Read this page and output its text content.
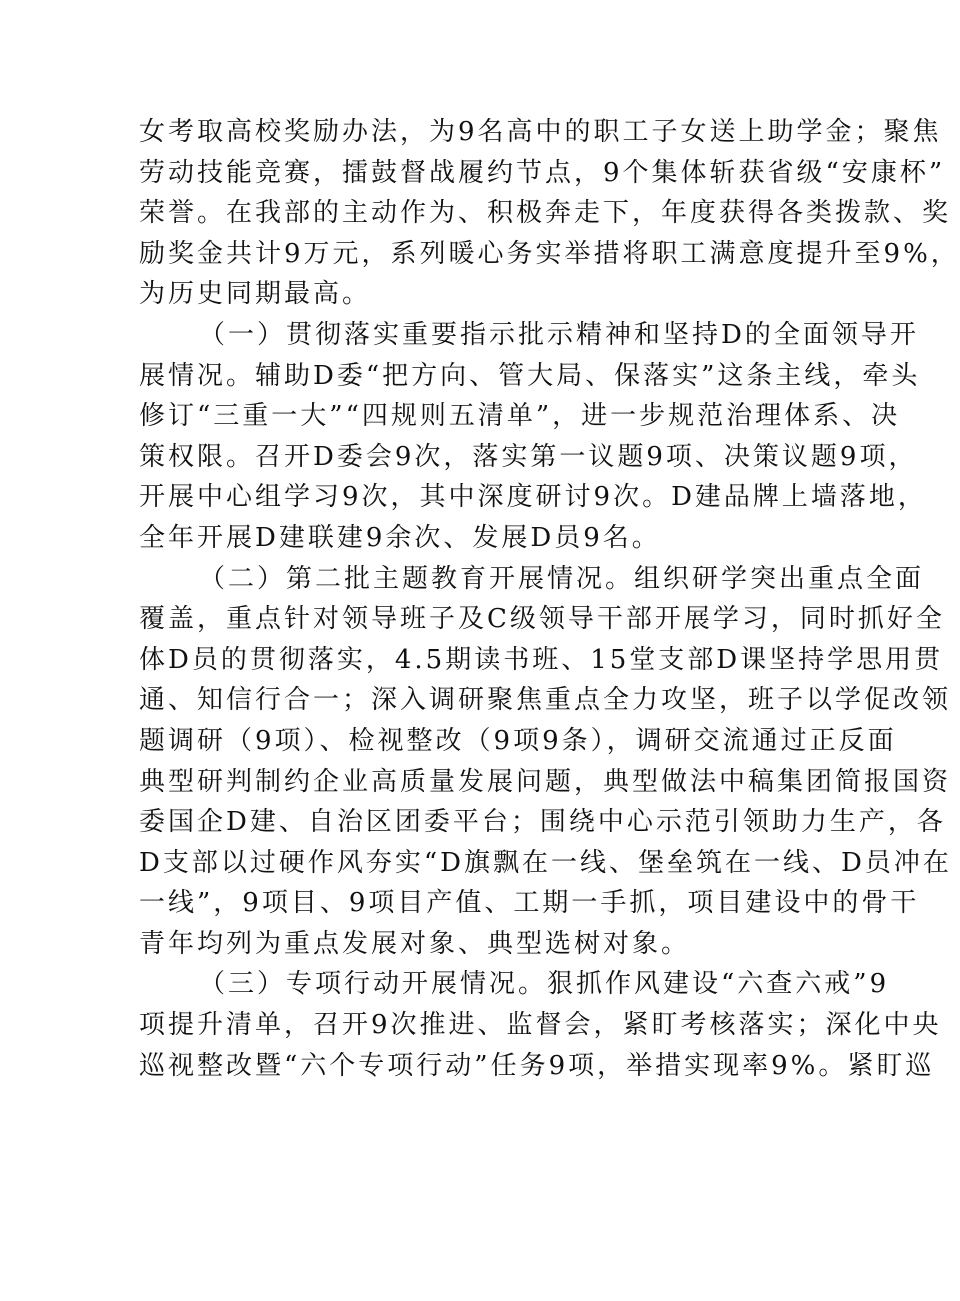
女考取高校奖励办法，为9名高中的职工子女送上助学金；聚焦
劳动技能竞赛，擂鼓督战履约节点，9个集体斩获省级“安康杯”
荣誉。在我部的主动作为、积极奔走下，年度获得各类拨款、奖
励奖金共计9万元，系列暖心务实举措将职工满意度提升至9%，
为历史同期最高。
（一）贯彻落实重要指示批示精神和坚持D的全面领导开
展情况。辅助D委“把方向、管大局、保落实”这条主线，牵头
修订“三重一大”“四规则五清单”，进一步规范治理体系、决
策权限。召开D委会9次，落实第一议题9项、决策议题9项，
开展中心组学习9次，其中深度研讨9次。D建品牌上墙落地，
全年开展D建联建9余次、发展D员9名。
（二）第二批主题教育开展情况。组织研学突出重点全面
覆盖，重点针对领导班子及C级领导干部开展学习，同时抓好全
体D员的贯彻落实，4.5期读书班、15堂支部D课坚持学思用贯
通、知信行合一；深入调研聚焦重点全力攻坚，班子以学促改领
题调研（9项）、检视整改（9项9条），调研交流通过正反面
典型研判制约企业高质量发展问题，典型做法中稿集团简报国资
委国企D建、自治区团委平台；围绕中心示范引领助力生产，各
D支部以过硬作风夯实“D旗飘在一线、堡垒筑在一线、D员冲在
一线”，9项目、9项目产值、工期一手抓，项目建设中的骨干
青年均列为重点发展对象、典型选树对象。
（三）专项行动开展情况。狠抓作风建设“六查六戒”9
项提升清单，召开9次推进、监督会，紧盯考核落实；深化中央
巡视整改暨“六个专项行动”任务9项，举措实现率9%。紧盯巡
